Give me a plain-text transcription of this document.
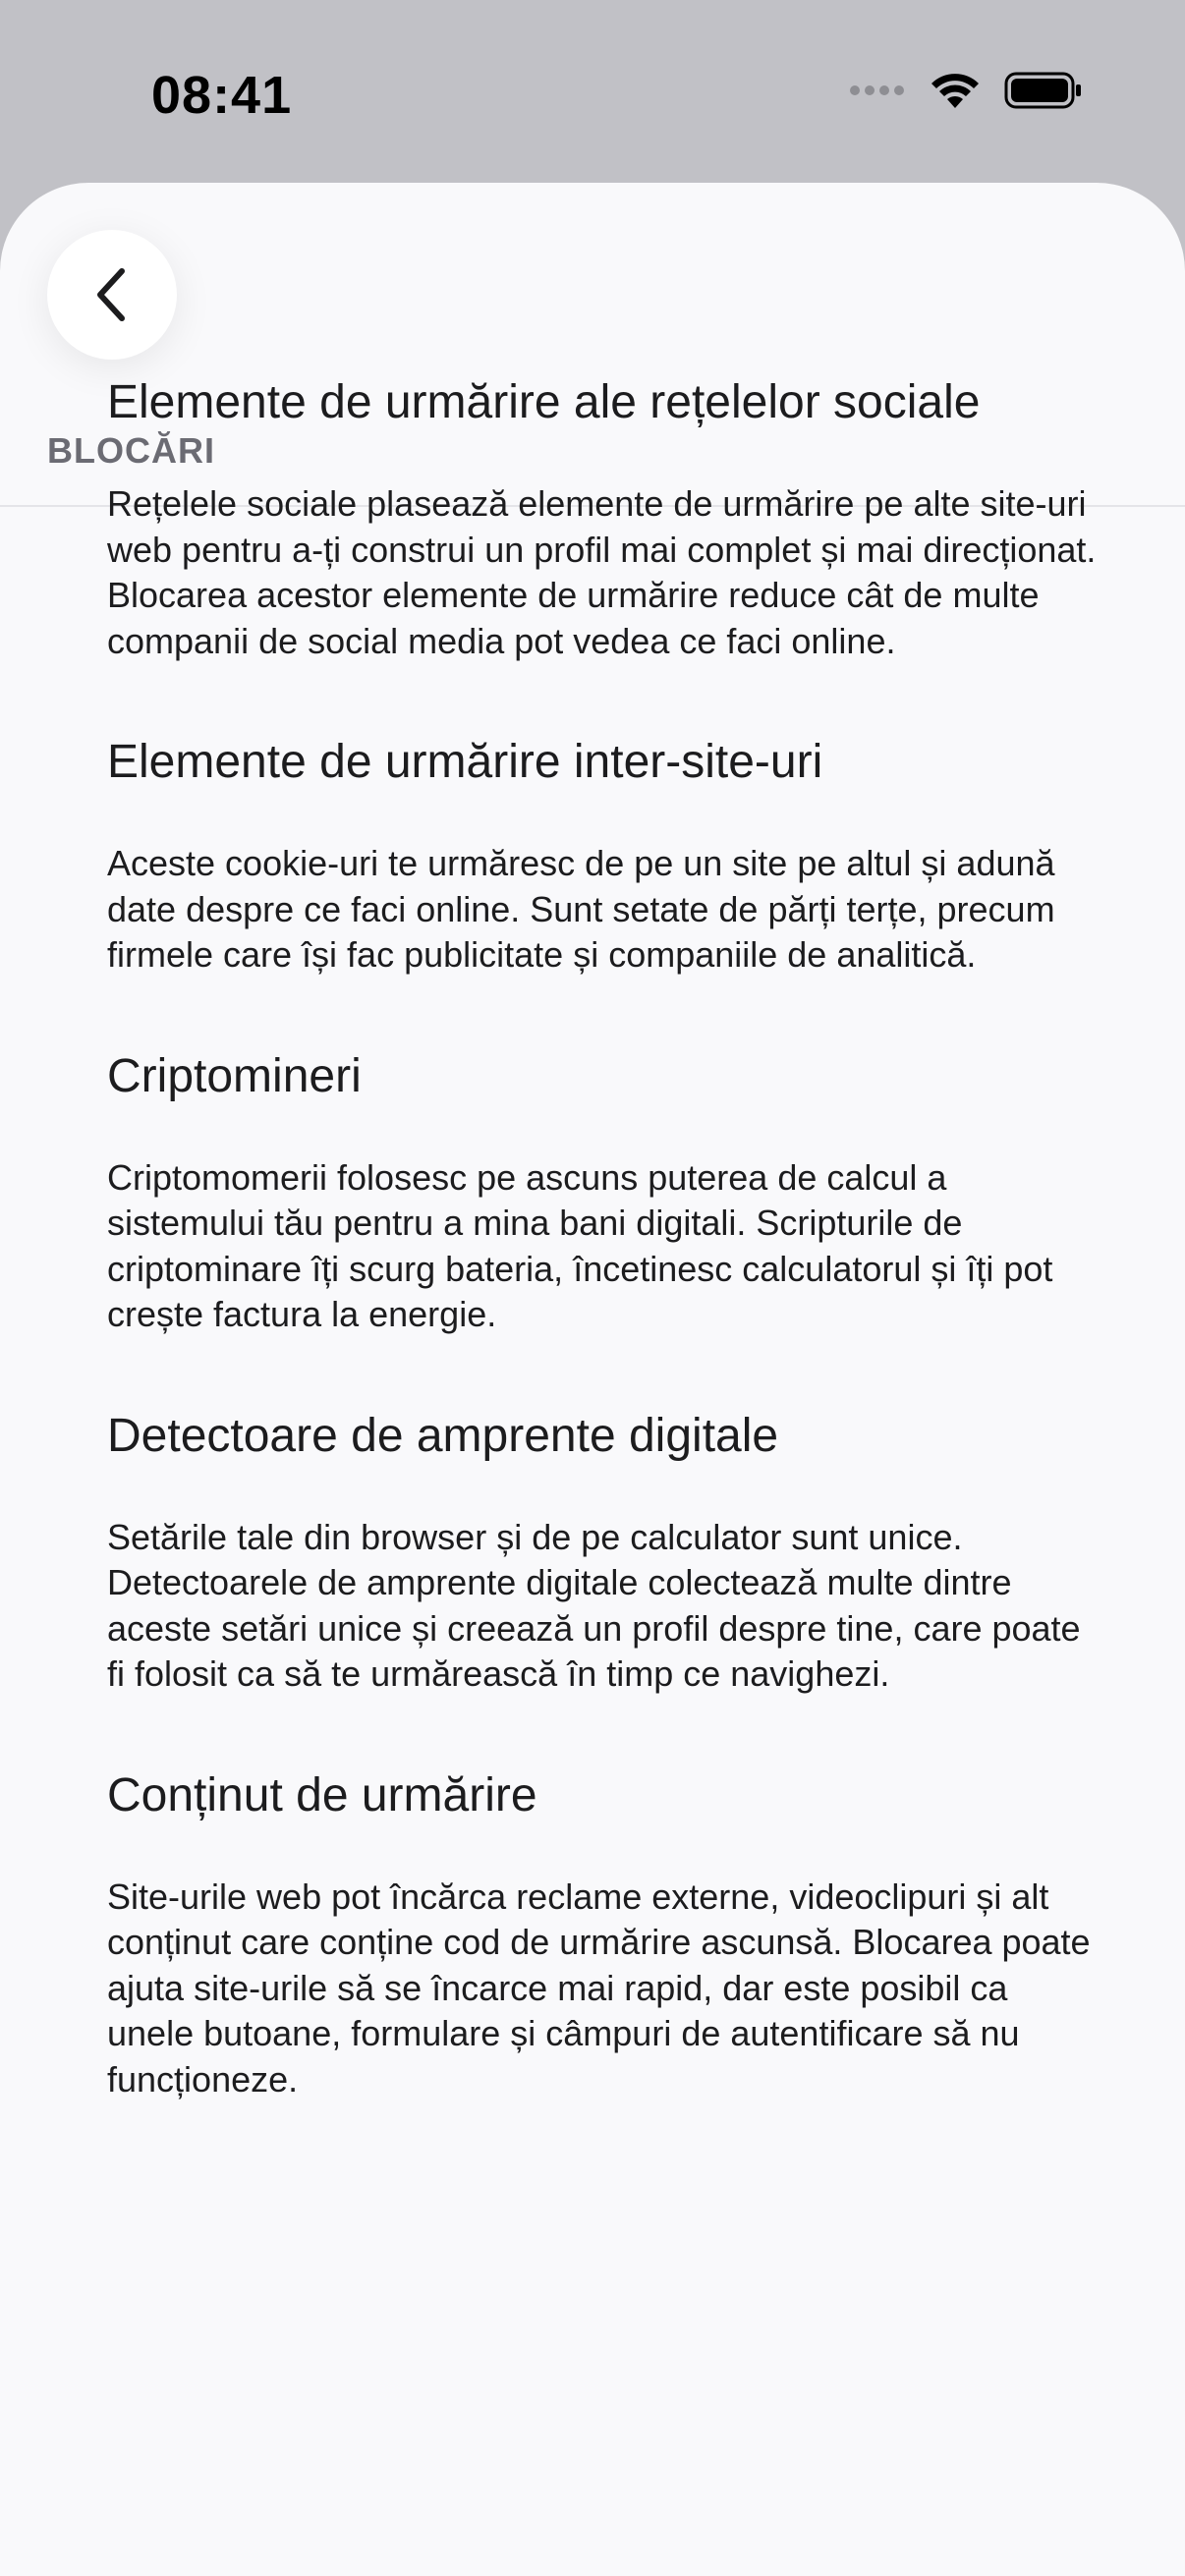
08:41
BLOCĂRI
Elemente de urmărire ale rețelelor sociale
Rețelele sociale plasează elemente de urmărire pe alte site-uri web pentru a-ți construi un profil mai complet și mai direcționat. Blocarea acestor elemente de urmărire reduce cât de multe companii de social media pot vedea ce faci online.
Elemente de urmărire inter-site-uri
Aceste cookie-uri te urmăresc de pe un site pe altul și adună date despre ce faci online. Sunt setate de părți terțe, precum firmele care își fac publicitate și companiile de analitică.
Criptomineri
Criptomomerii folosesc pe ascuns puterea de calcul a sistemului tău pentru a mina bani digitali. Scripturile de criptominare îți scurg bateria, încetinesc calculatorul și îți pot crește factura la energie.
Detectoare de amprente digitale
Setările tale din browser și de pe calculator sunt unice. Detectoarele de amprente digitale colectează multe dintre aceste setări unice și creează un profil despre tine, care poate fi folosit ca să te urmărească în timp ce navighezi.
Conținut de urmărire
Site-urile web pot încărca reclame externe, videoclipuri și alt conținut care conține cod de urmărire ascunsă. Blocarea poate ajuta site-urile să se încarce mai rapid, dar este posibil ca unele butoane, formulare și câmpuri de autentificare să nu funcționeze.
